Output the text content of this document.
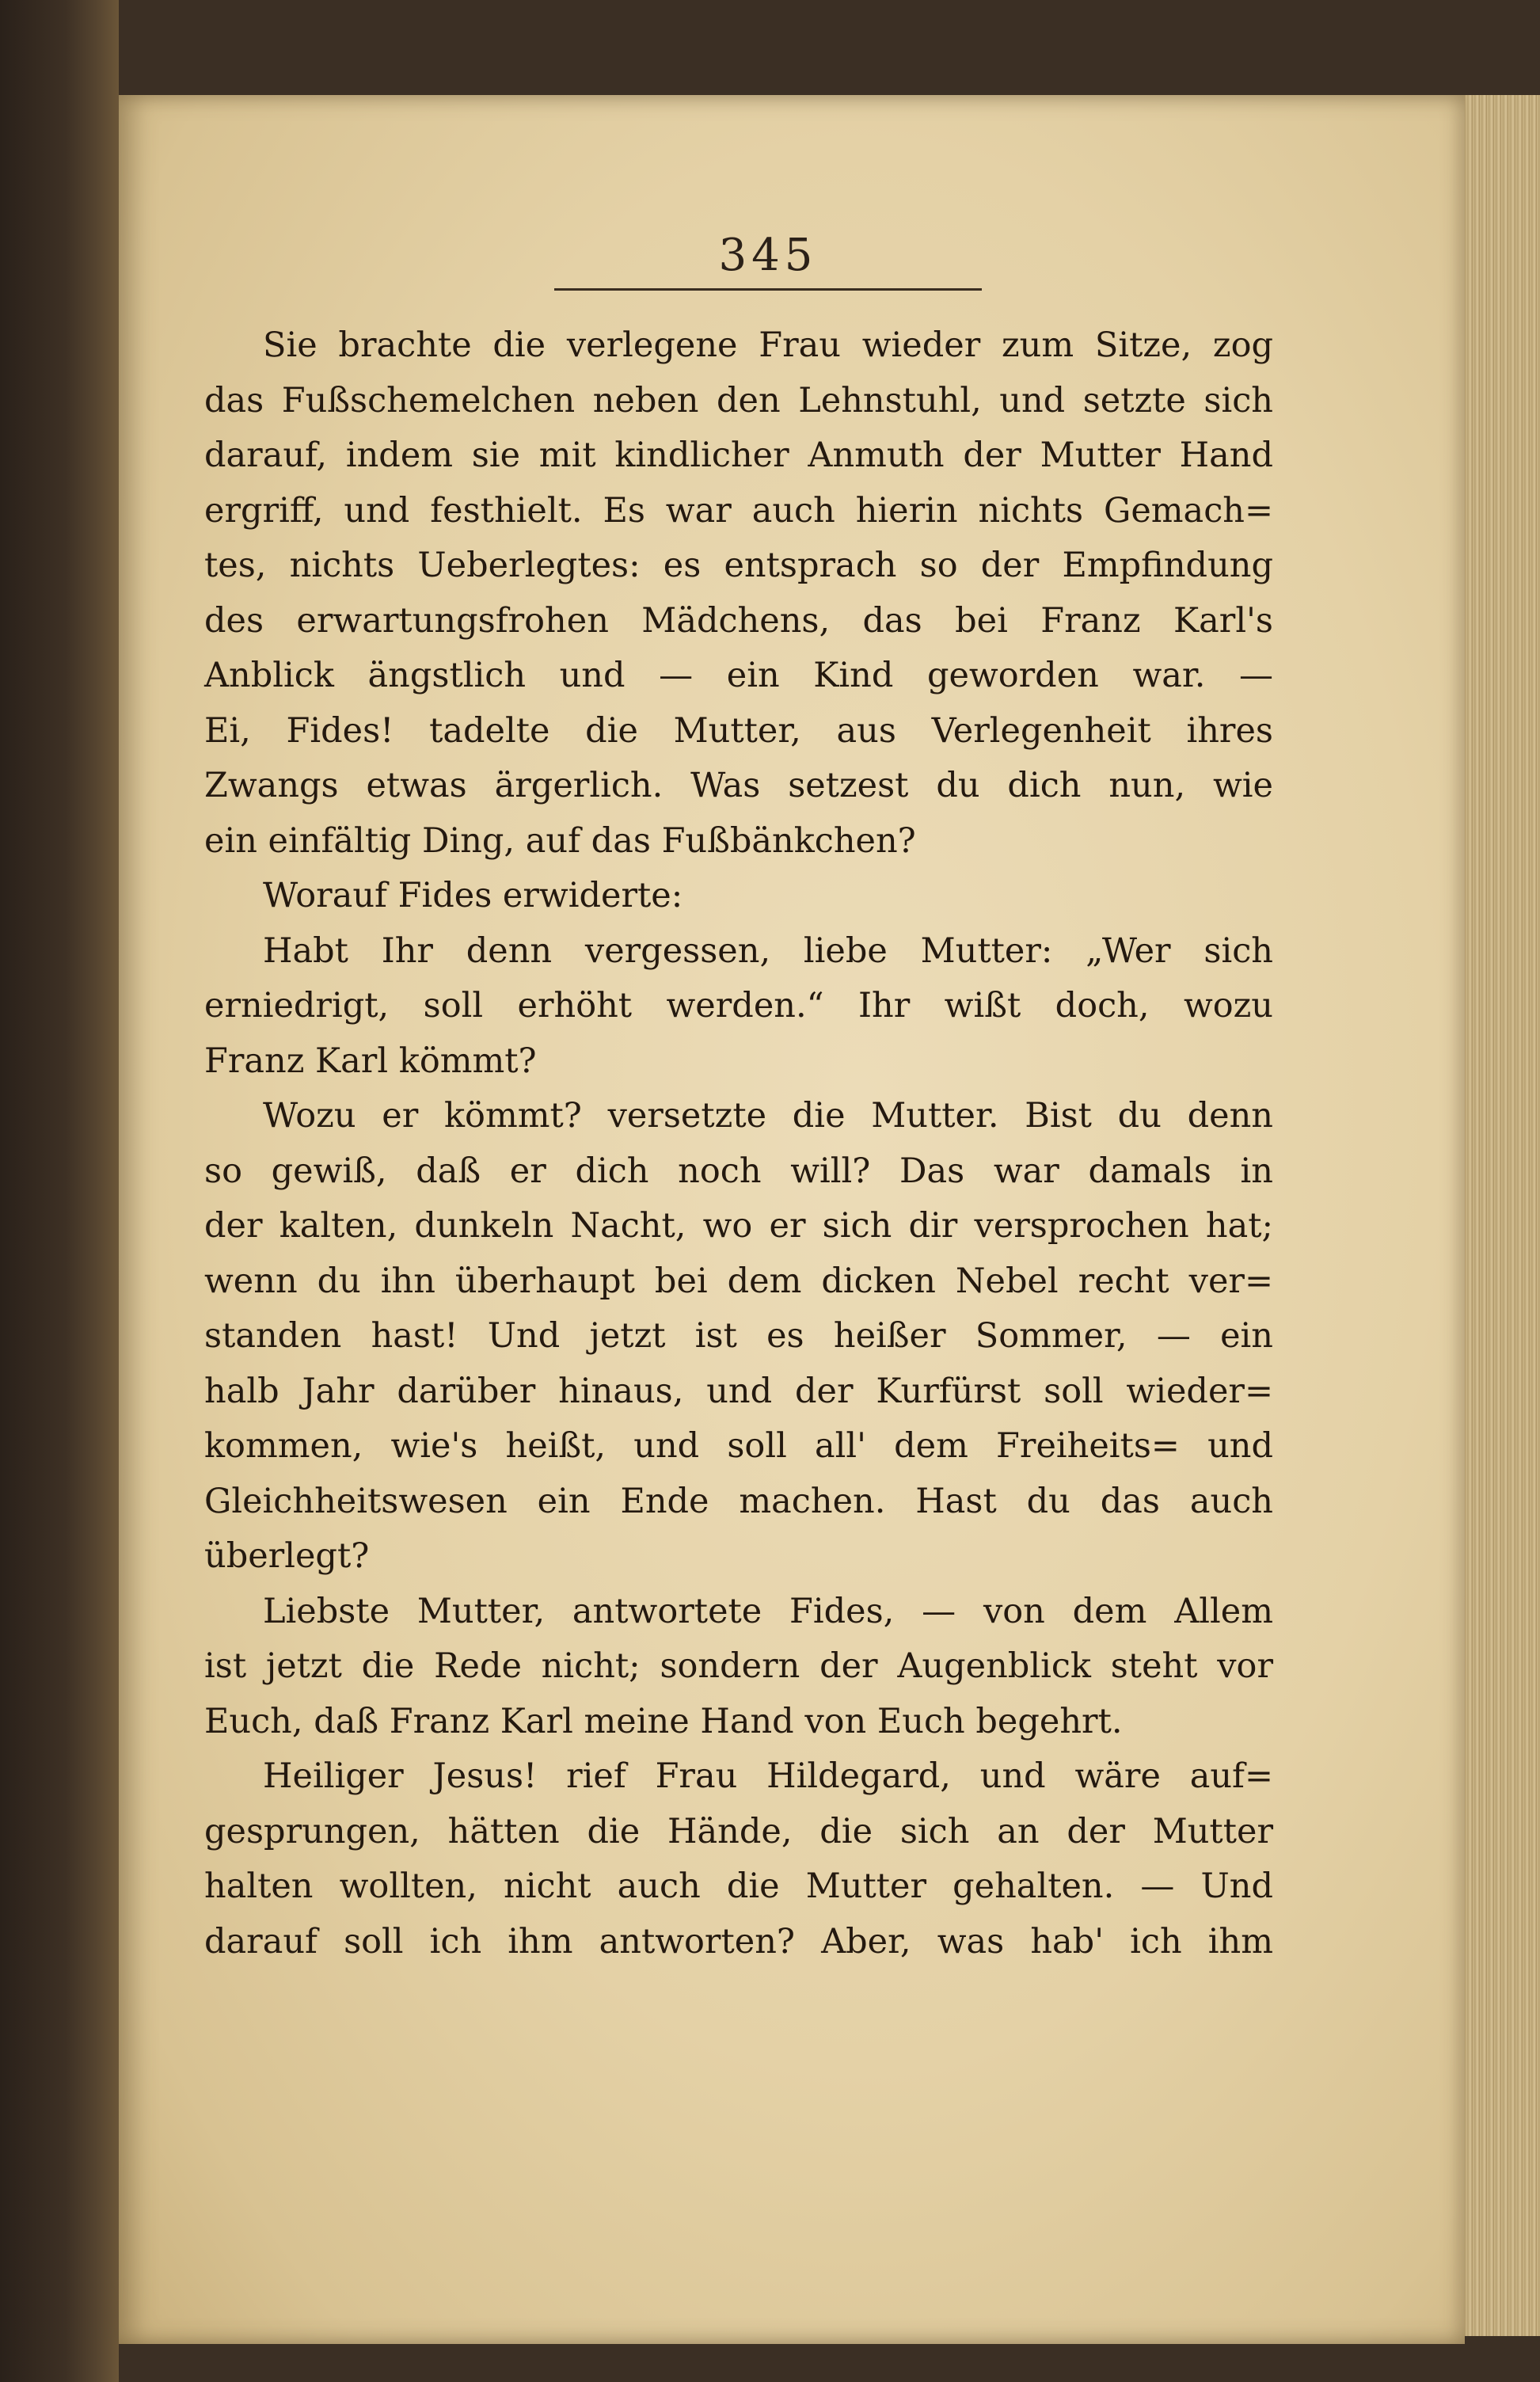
345
Sie brachte die verlegene Frau wieder zum Sitze, zog
das Fußschemelchen neben den Lehnstuhl, und setzte sich
darauf, indem sie mit kindlicher Anmuth der Mutter Hand
ergriff, und festhielt. Es war auch hierin nichts Gemach=
tes, nichts Ueberlegtes: es entsprach so der Empfindung
des erwartungsfrohen Mädchens, das bei Franz Karl's
Anblick ängstlich und — ein Kind geworden war. —
Ei, Fides! tadelte die Mutter, aus Verlegenheit ihres
Zwangs etwas ärgerlich. Was setzest du dich nun, wie
ein einfältig Ding, auf das Fußbänkchen?
Worauf Fides erwiderte:
Habt Ihr denn vergessen, liebe Mutter: „Wer sich
erniedrigt, soll erhöht werden.“ Ihr wißt doch, wozu
Franz Karl kömmt?
Wozu er kömmt? versetzte die Mutter. Bist du denn
so gewiß, daß er dich noch will? Das war damals in
der kalten, dunkeln Nacht, wo er sich dir versprochen hat;
wenn du ihn überhaupt bei dem dicken Nebel recht ver=
standen hast! Und jetzt ist es heißer Sommer, — ein
halb Jahr darüber hinaus, und der Kurfürst soll wieder=
kommen, wie's heißt, und soll all' dem Freiheits= und
Gleichheitswesen ein Ende machen. Hast du das auch
überlegt?
Liebste Mutter, antwortete Fides, — von dem Allem
ist jetzt die Rede nicht; sondern der Augenblick steht vor
Euch, daß Franz Karl meine Hand von Euch begehrt.
Heiliger Jesus! rief Frau Hildegard, und wäre auf=
gesprungen, hätten die Hände, die sich an der Mutter
halten wollten, nicht auch die Mutter gehalten. — Und
darauf soll ich ihm antworten? Aber, was hab' ich ihm
